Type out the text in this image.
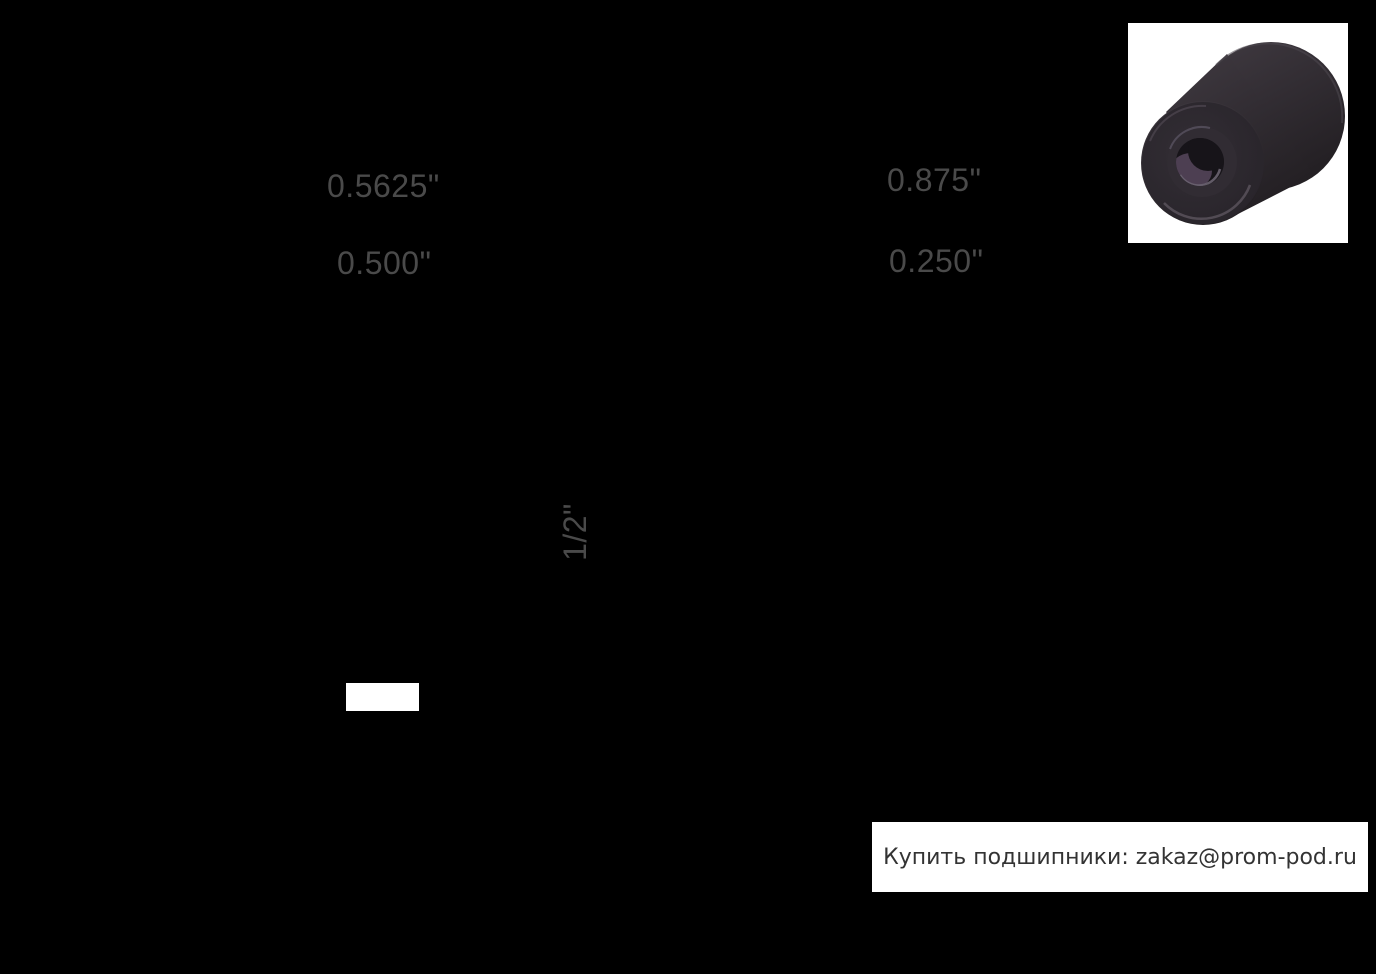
0.5625"
0.500"
0.875"
0.250"
1/2"
Купить подшипники: zakaz@prom-pod.ru
